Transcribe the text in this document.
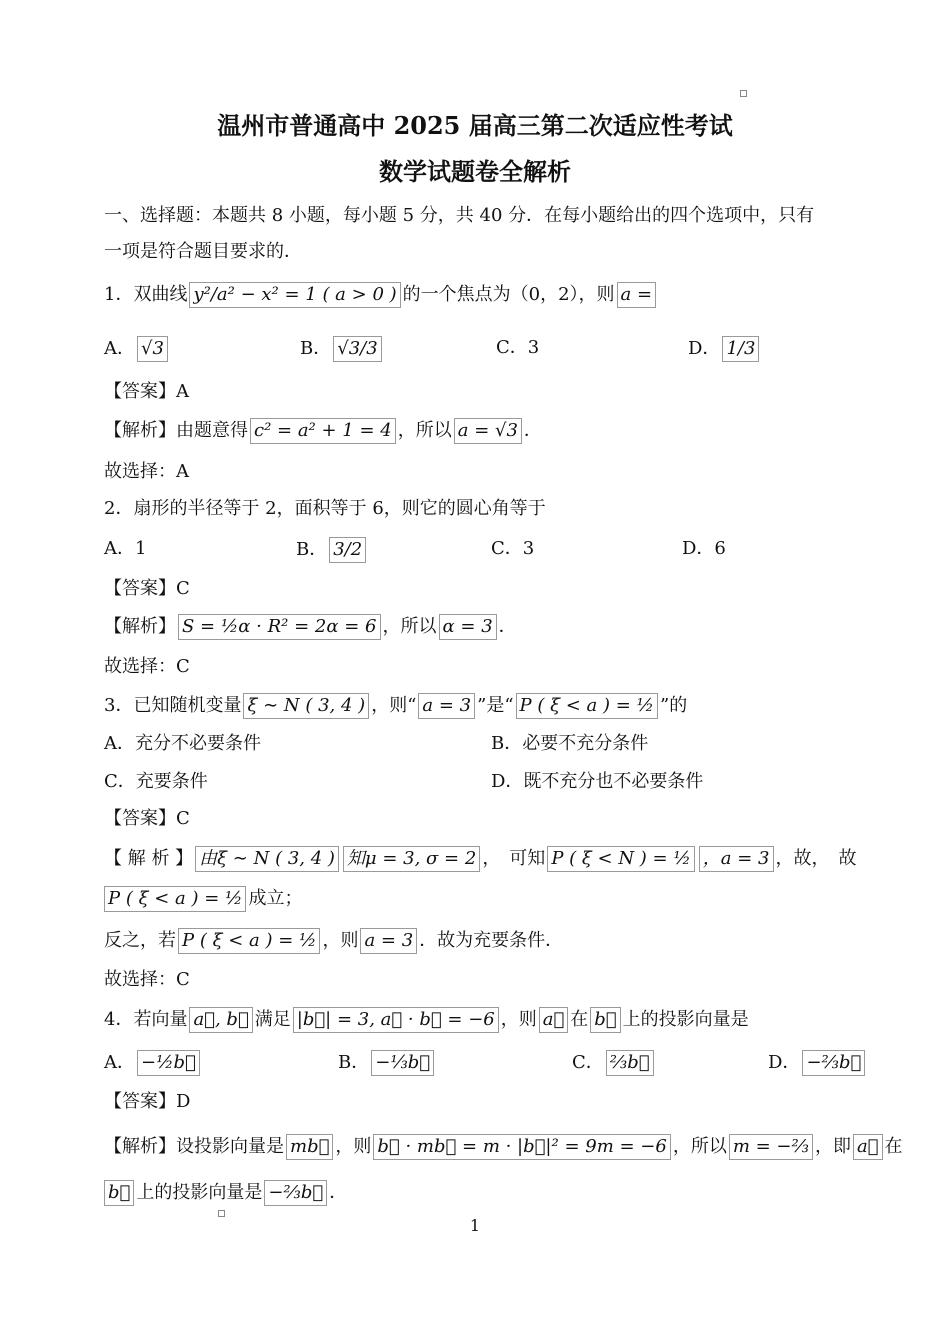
温州市普通高中 2025 届高三第二次适应性考试
数学试题卷全解析
一、选择题：本题共 8 小题，每小题 5 分，共 40 分．在每小题给出的四个选项中，只有
一项是符合题目要求的．
1．双曲线 y²/a² − x² = 1 ( a > 0 ) 的一个焦点为（0，2），则 a =
A． √3	B． √3/3	C．3	D． 1/3
【答案】A
【解析】由题意得 c² = a² + 1 = 4 ，所以 a = √3 ．
故选择：A
2．扇形的半径等于 2，面积等于 6，则它的圆心角等于
A．1	B． 3/2	C．3	D．6
【答案】C
【解析】 S = ½α · R² = 2α = 6 ，所以 α = 3 ．
故选择：C
3．已知随机变量 ξ ∼ N ( 3, 4 ) ，则“ a = 3 ”是“ P ( ξ < a ) = ½ ”的
A．充分不必要条件	B．必要不充分条件
C．充要条件	D．既不充分也不必要条件
【答案】C
【 解 析 】 由ξ ∼ N ( 3, 4 ) 知μ = 3, σ = 2 ，　可知 P ( ξ < N ) = ½ ，a = 3 ，故，　故
P ( ξ < a ) = ½ 成立；
反之，若 P ( ξ < a ) = ½ ，则 a = 3 ．故为充要条件．
故选择：C
4．若向量 a⃗, b⃗ 满足 |b⃗| = 3, a⃗ · b⃗ = −6 ，则 a⃗ 在 b⃗ 上的投影向量是
A． −½b⃗	B． −⅓b⃗	C． ⅔b⃗	D． −⅔b⃗
【答案】D
【解析】设投影向量是 mb⃗ ，则 b⃗ · mb⃗ = m · |b⃗|² = 9m = −6 ，所以 m = −⅔ ，即 a⃗ 在
b⃗ 上的投影向量是 −⅔b⃗ ．
1
